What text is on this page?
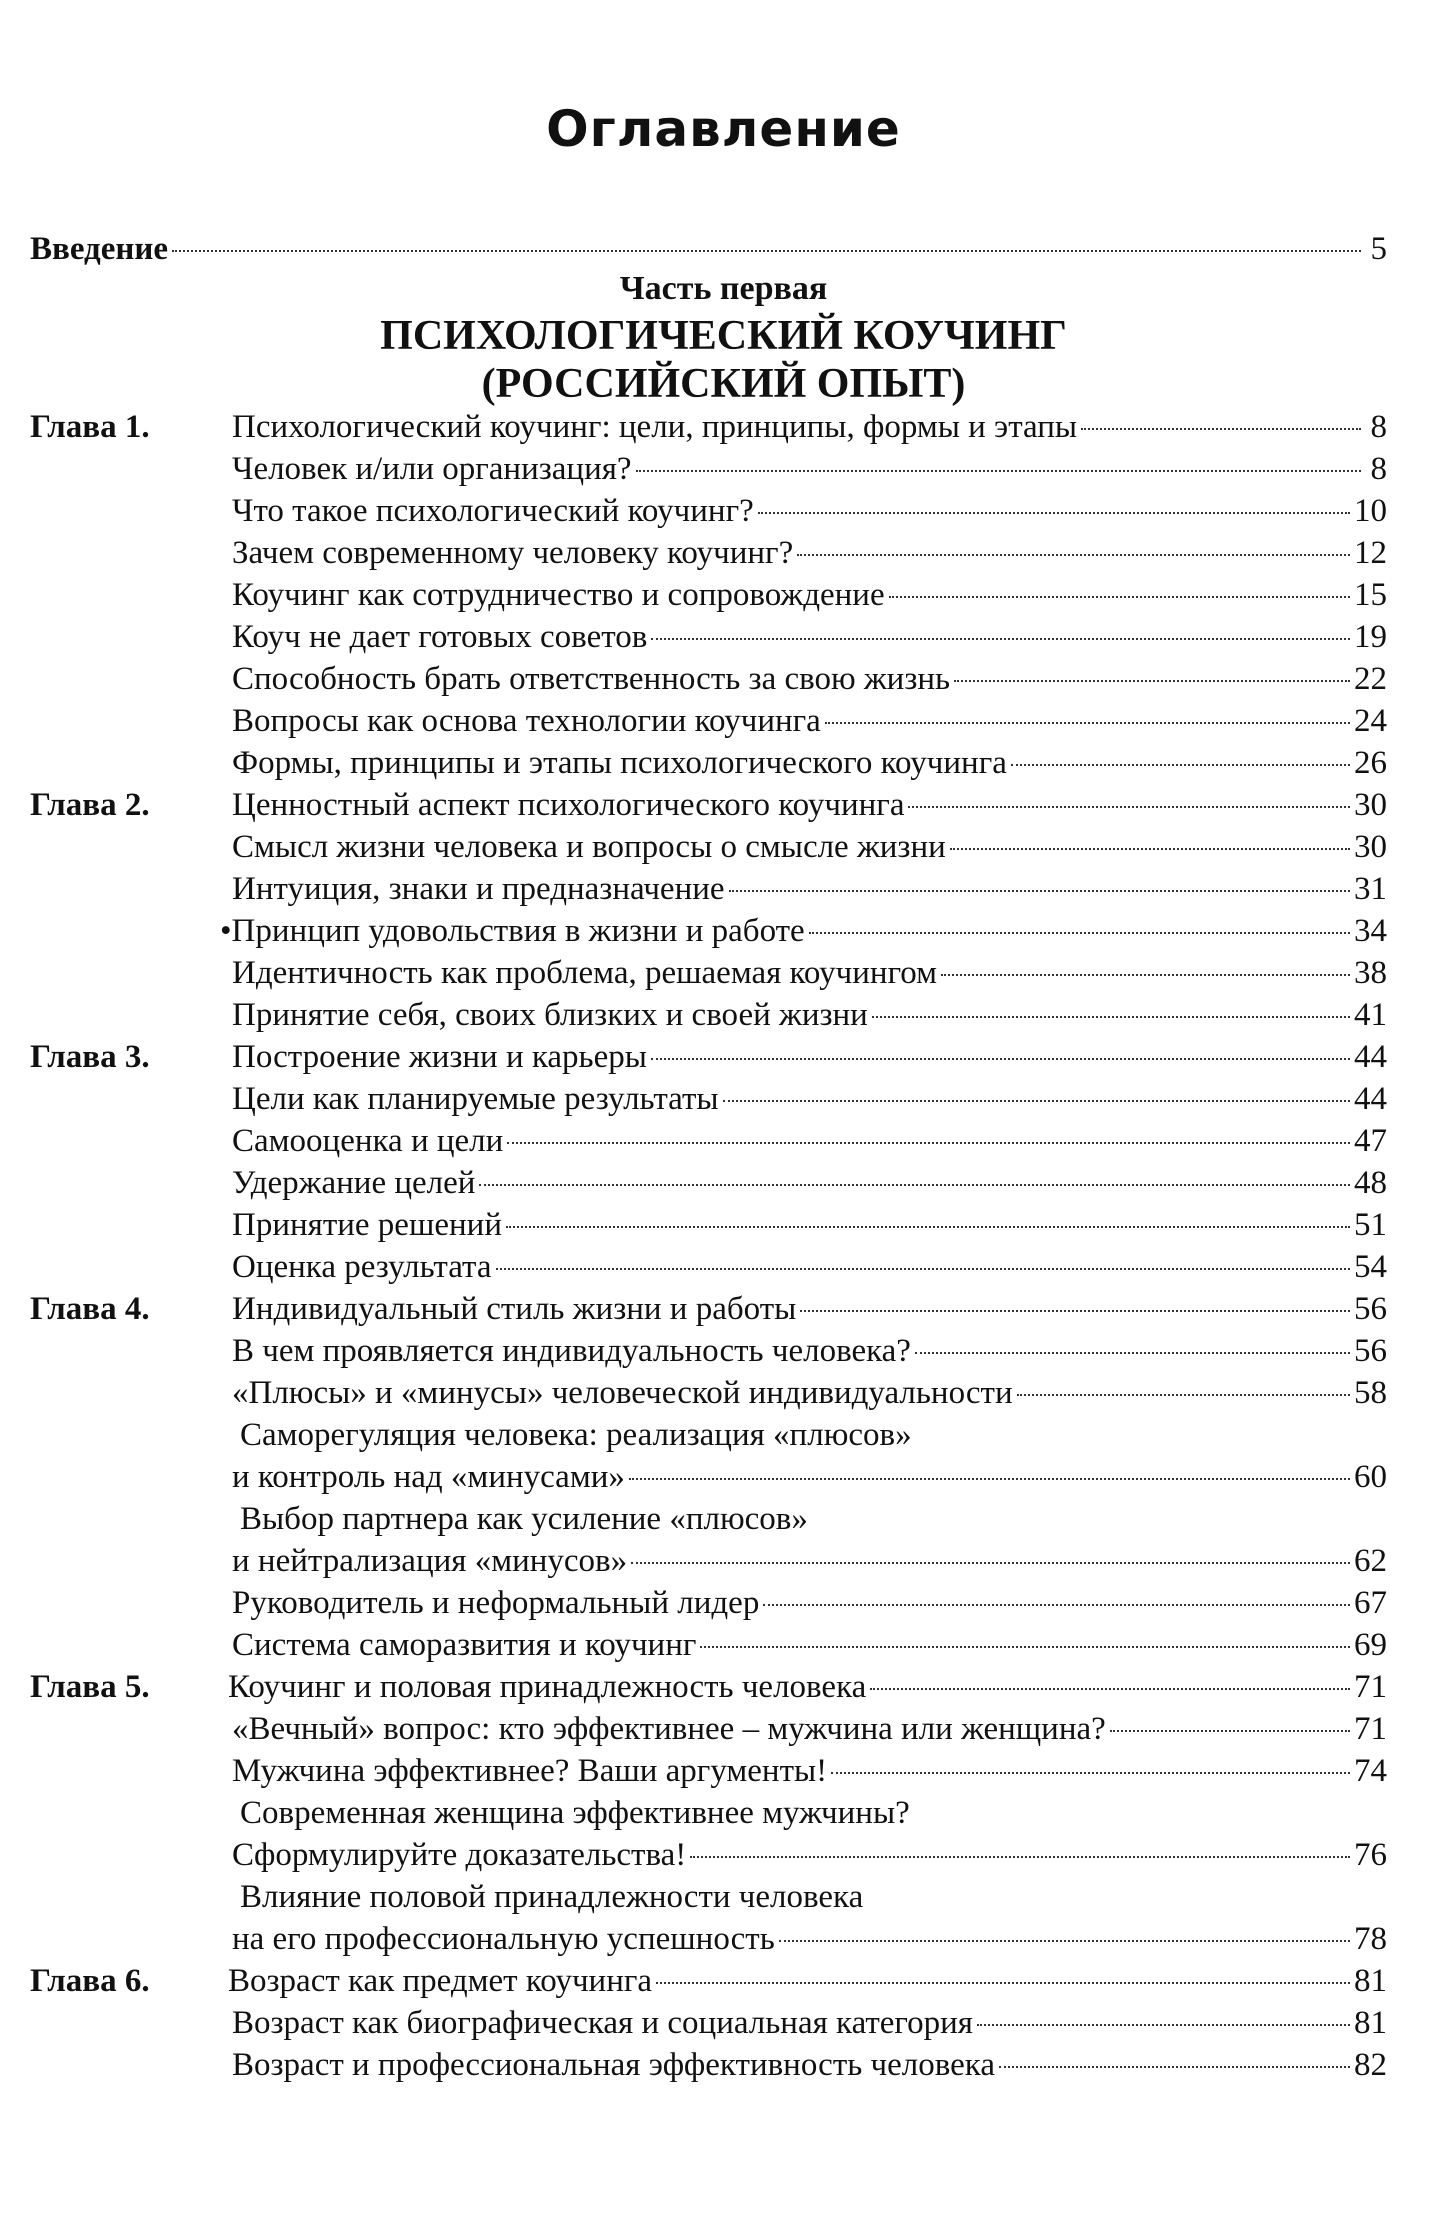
Оглавление
Введение	5
Часть первая
ПСИХОЛОГИЧЕСКИЙ КОУЧИНГ
(РОССИЙСКИЙ ОПЫТ)
Глава 1. Психологический коучинг: цели, принципы, формы и этапы	8
Человек и/или организация?	8
Что такое психологический коучинг?	10
Зачем современному человеку коучинг?	12
Коучинг как сотрудничество и сопровождение	15
Коуч не дает готовых советов	19
Способность брать ответственность за свою жизнь	22
Вопросы как основа технологии коучинга	24
Формы, принципы и этапы психологического коучинга	26
Глава 2. Ценностный аспект психологического коучинга	30
Смысл жизни человека и вопросы о смысле жизни	30
Интуиция, знаки и предназначение	31
•Принцип удовольствия в жизни и работе	34
Идентичность как проблема, решаемая коучингом	38
Принятие себя, своих близких и своей жизни	41
Глава 3. Построение жизни и карьеры	44
Цели как планируемые результаты	44
Самооценка и цели	47
Удержание целей	48
Принятие решений	51
Оценка результата	54
Глава 4. Индивидуальный стиль жизни и работы	56
В чем проявляется индивидуальность человека?	56
«Плюсы» и «минусы» человеческой индивидуальности	58
Саморегуляция человека: реализация «плюсов»
и контроль над «минусами»	60
Выбор партнера как усиление «плюсов»
и нейтрализация «минусов»	62
Руководитель и неформальный лидер	67
Система саморазвития и коучинг	69
Глава 5. Коучинг и половая принадлежность человека	71
«Вечный» вопрос: кто эффективнее – мужчина или женщина?	71
Мужчина эффективнее? Ваши аргументы!	74
Современная женщина эффективнее мужчины?
Сформулируйте доказательства!	76
Влияние половой принадлежности человека
на его профессиональную успешность	78
Глава 6. Возраст как предмет коучинга	81
Возраст как биографическая и социальная категория	81
Возраст и профессиональная эффективность человека	82
